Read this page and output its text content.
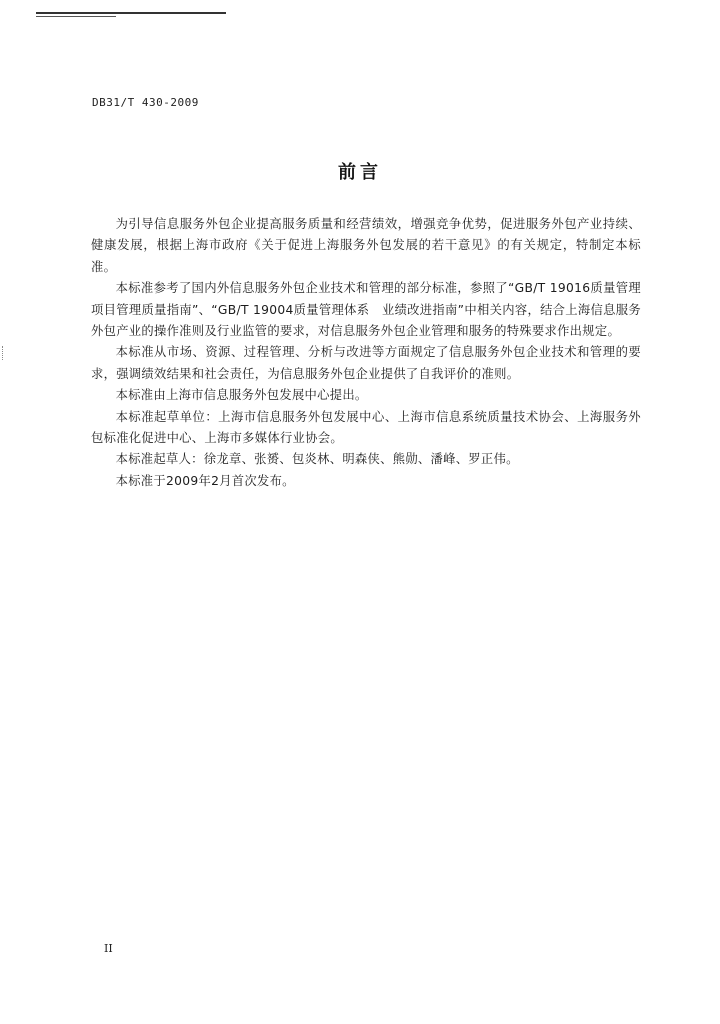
DB31/T 430-2009
前言

为引导信息服务外包企业提高服务质量和经营绩效，增强竞争优势，促进服务外包产业持续、健康发展，根据上海市政府《关于促进上海服务外包发展的若干意见》的有关规定，特制定本标准。

本标准参考了国内外信息服务外包企业技术和管理的部分标准，参照了“GB/T 19016质量管理　项目管理质量指南”、“GB/T 19004质量管理体系　业绩改进指南”中相关内容，结合上海信息服务外包产业的操作准则及行业监管的要求，对信息服务外包企业管理和服务的特殊要求作出规定。

本标准从市场、资源、过程管理、分析与改进等方面规定了信息服务外包企业技术和管理的要求，强调绩效结果和社会责任，为信息服务外包企业提供了自我评价的准则。

本标准由上海市信息服务外包发展中心提出。

本标准起草单位：上海市信息服务外包发展中心、上海市信息系统质量技术协会、上海服务外包标准化促进中心、上海市多媒体行业协会。

本标准起草人：徐龙章、张赟、包炎林、明森侠、熊勋、潘峰、罗正伟。

本标准于2009年2月首次发布。

II
